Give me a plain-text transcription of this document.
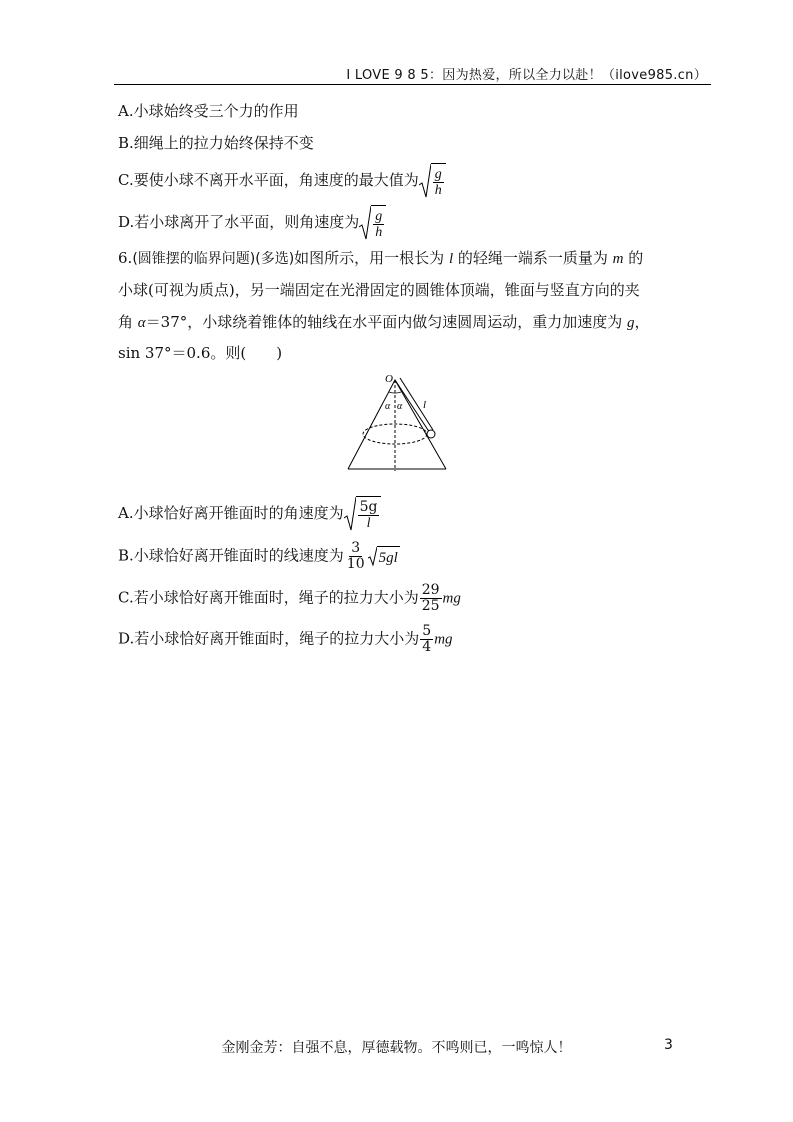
I LOVE 9 8 5：因为热爱，所以全力以赴！（ilove985.cn）
A.小球始终受三个力的作用
B.细绳上的拉力始终保持不变
C.要使小球不离开水平面，角速度的最大值为 $\frac{g}{h}$
D.若小球离开了水平面，则角速度为 $\frac{g}{h}$
6.(圆锥摆的临界问题)(多选)如图所示，用一根长为 l 的轻绳一端系一质量为 m 的
小球(可视为质点)，另一端固定在光滑固定的圆锥体顶端，锥面与竖直方向的夹
角 α＝37°，小球绕着锥体的轴线在水平面内做匀速圆周运动，重力加速度为 g，
sin 37°＝0.6。则(　　)
O
α α l
A.小球恰好离开锥面时的角速度为 $\frac{5g}{l}$
B.小球恰好离开锥面时的线速度为 $\frac{3}{10} 5gl$
C.若小球恰好离开锥面时，绳子的拉力大小为 $\frac{29}{25}$ mg
D.若小球恰好离开锥面时，绳子的拉力大小为 $\frac{5}{4}$ mg
金刚金芳：自强不息，厚德载物。不鸣则已，一鸣惊人！	3
